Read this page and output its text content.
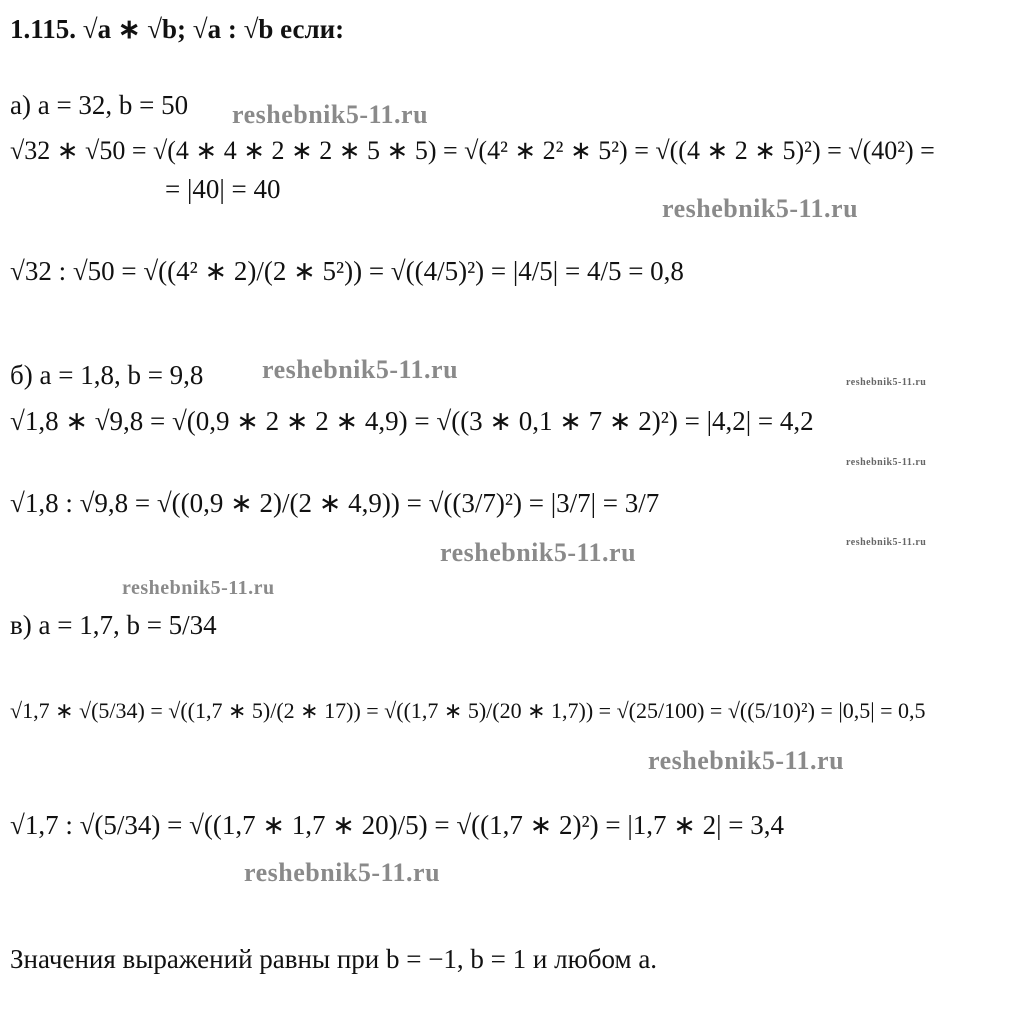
1.115. √a ∗ √b; √a : √b если:
а) a = 32, b = 50
√32 ∗ √50 = √(4 ∗ 4 ∗ 2 ∗ 2 ∗ 5 ∗ 5) = √(4² ∗ 2² ∗ 5²) = √((4 ∗ 2 ∗ 5)²) = √(40²) =
= |40| = 40
√32 : √50 = √((4² ∗ 2)/(2 ∗ 5²)) = √((4/5)²) = |4/5| = 4/5 = 0,8
б) a = 1,8, b = 9,8
√1,8 ∗ √9,8 = √(0,9 ∗ 2 ∗ 2 ∗ 4,9) = √((3 ∗ 0,1 ∗ 7 ∗ 2)²) = |4,2| = 4,2
√1,8 : √9,8 = √((0,9 ∗ 2)/(2 ∗ 4,9)) = √((3/7)²) = |3/7| = 3/7
в) a = 1,7, b = 5/34
√1,7 ∗ √(5/34) = √((1,7 ∗ 5)/(2 ∗ 17)) = √((1,7 ∗ 5)/(20 ∗ 1,7)) = √(25/100) = √((5/10)²) = |0,5| = 0,5
√1,7 : √(5/34) = √((1,7 ∗ 1,7 ∗ 20)/5) = √((1,7 ∗ 2)²) = |1,7 ∗ 2| = 3,4
Значения выражений равны при b = −1, b = 1 и любом a.
reshebnik5-11.ru
reshebnik5-11.ru
reshebnik5-11.ru	reshebnik5-11.ru
reshebnik5-11.ru
reshebnik5-11.ru
reshebnik5-11.ru
reshebnik5-11.ru
reshebnik5-11.ru
reshebnik5-11.ru
